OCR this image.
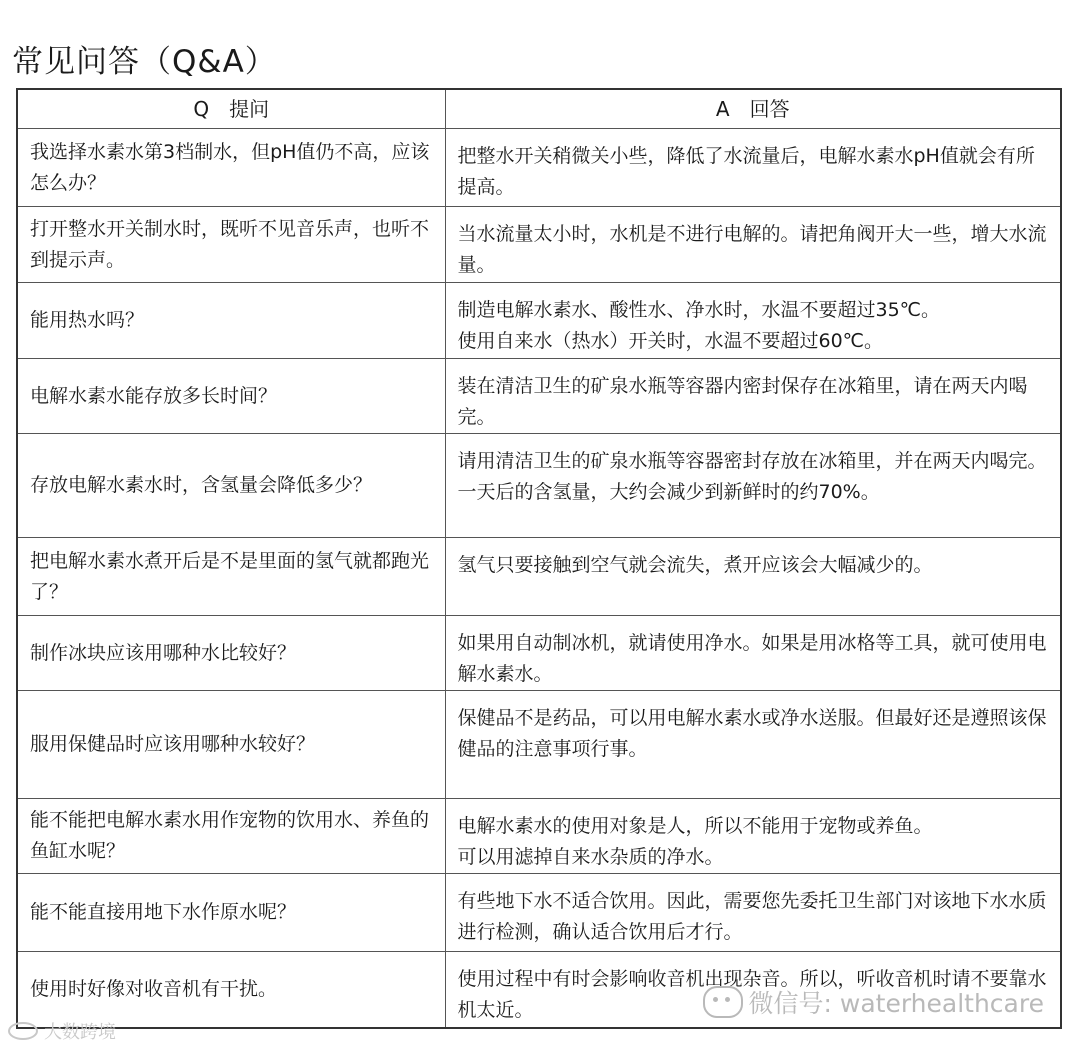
常见问答（Q&A）
Q　提问	A　回答
我选择水素水第3档制水，但pH值仍不高，应该怎么办？	把整水开关稍微关小些，降低了水流量后，电解水素水pH值就会有所提高。
打开整水开关制水时，既听不见音乐声，也听不到提示声。	当水流量太小时，水机是不进行电解的。请把角阀开大一些，增大水流量。
能用热水吗？	制造电解水素水、酸性水、净水时，水温不要超过35℃。
使用自来水（热水）开关时，水温不要超过60℃。
电解水素水能存放多长时间？	装在清洁卫生的矿泉水瓶等容器内密封保存在冰箱里，请在两天内喝完。
存放电解水素水时，含氢量会降低多少？	请用清洁卫生的矿泉水瓶等容器密封存放在冰箱里，并在两天内喝完。一天后的含氢量，大约会减少到新鲜时的约70%。
把电解水素水煮开后是不是里面的氢气就都跑光了？	氢气只要接触到空气就会流失，煮开应该会大幅减少的。
制作冰块应该用哪种水比较好？	如果用自动制冰机，就请使用净水。如果是用冰格等工具，就可使用电解水素水。
服用保健品时应该用哪种水较好？	保健品不是药品，可以用电解水素水或净水送服。但最好还是遵照该保健品的注意事项行事。
能不能把电解水素水用作宠物的饮用水、养鱼的鱼缸水呢？	电解水素水的使用对象是人，所以不能用于宠物或养鱼。
可以用滤掉自来水杂质的净水。
能不能直接用地下水作原水呢？	有些地下水不适合饮用。因此，需要您先委托卫生部门对该地下水水质进行检测，确认适合饮用后才行。
使用时好像对收音机有干扰。	使用过程中有时会影响收音机出现杂音。所以，听收音机时请不要靠水机太近。	微信号: waterhealthcare
大数跨境
